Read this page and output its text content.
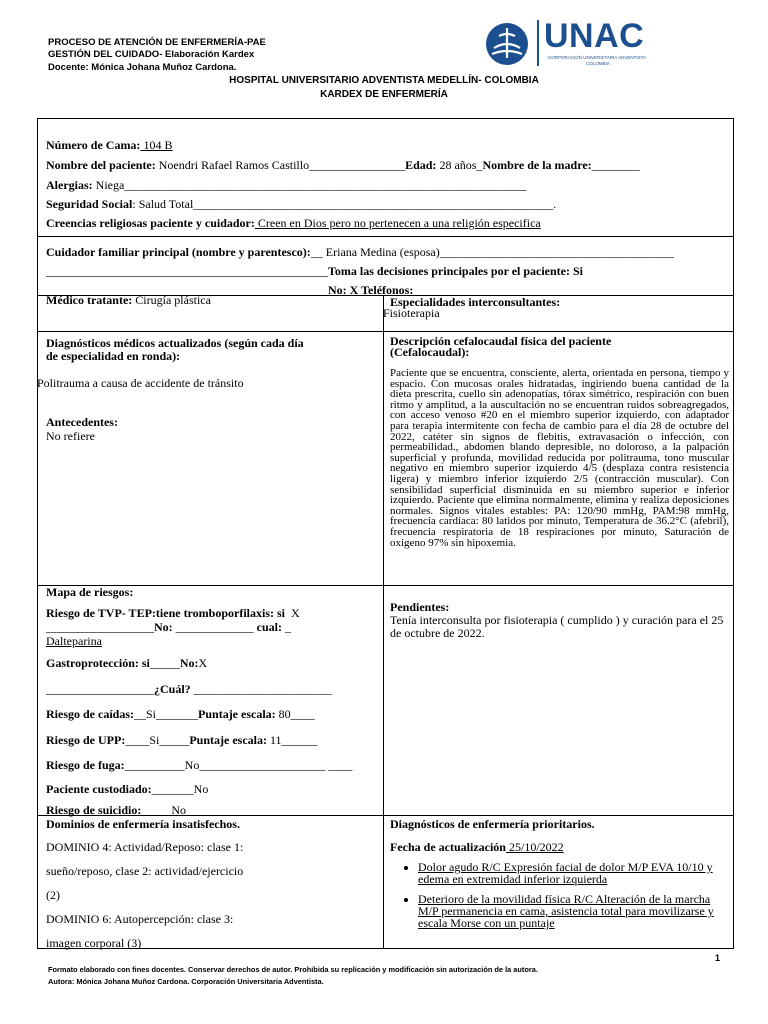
PROCESO DE ATENCIÓN DE ENFERMERÍA-PAE
GESTIÓN DEL CUIDADO- Elaboración Kardex
Docente: Mónica Johana Muñoz Cardona.
HOSPITAL UNIVERSITARIO ADVENTISTA MEDELLÍN- COLOMBIA
KARDEX DE ENFERMERÍA
UNAC
CORPORACIÓN UNIVERSITARIA ADVENTISTA
COLOMBIA
Número de Cama: 104 B
Nombre del paciente: Noendri Rafael Ramos Castillo________________Edad: 28 años_Nombre de la madre:________
Alergias: Niega___________________________________________________________________
Seguridad Social: Salud Total____________________________________________________________.
Creencias religiosas paciente y cuidador: Creen en Dios pero no pertenecen a una religión especifica
Cuidador familiar principal (nombre y parentesco):__ Eriana Medina (esposa)_______________________________________
_______________________________________________Toma las decisiones principales por el paciente: Si
_______________________________________________No: X Teléfonos:
Médico tratante: Cirugía plástica	Especialidades interconsultantes:
Fisioterapia
Diagnósticos médicos actualizados (según cada día
de especialidad en ronda):
Politrauma a causa de accidente de tránsito
Antecedentes:
No refiere
Descripción cefalocaudal física del paciente
(Cefalocaudal):
Paciente que se encuentra, consciente, alerta, orientada en persona, tiempo y espacio. Con mucosas orales hidratadas, ingiriendo buena cantidad de la dieta prescrita, cuello sin adenopatías, tórax simétrico, respiración con buen ritmo y amplitud, a la auscultación no se encuentran ruidos sobreagregados, con acceso venoso #20 en el miembro superior izquierdo, con adaptador para terapia intermitente con fecha de cambio para el día 28 de octubre del 2022, catéter sin signos de flebitis, extravasación o infección, con permeabilidad., abdomen blando depresible, no doloroso, a la palpación superficial y profunda, movilidad reducida por politrauma, tono muscular negativo en miembro superior izquierdo 4/5 (desplaza contra resistencia ligera) y miembro inferior izquierdo 2/5 (contracción muscular). Con sensibilidad superficial disminuida en su miembro superior e inferior izquierdo. Paciente que elimina normalmente, elimina y realiza deposiciones normales. Signos vitales estables: PA: 120/90 mmHg, PAM:98 mmHg, frecuencia cardiaca: 80 latidos por minuto, Temperatura de 36.2°C (afebril), frecuencia respiratoria de 18 respiraciones por minuto, Saturación de oxigeno 97% sin hipoxemia.
Mapa de riesgos:
Riesgo de TVP- TEP:tiene tromboporfilaxis: si X
__________________No: _____________ cual: _
Dalteparina
Gastroprotección: si_____No:X
__________________¿Cuál? _______________________
Riesgo de caídas:__Si_______Puntaje escala: 80____
Riesgo de UPP:____Si_____Puntaje escala: 11______
Riesgo de fuga:__________No_____________________ ____
Paciente custodiado:_______No
Riesgo de suicidio:_____No
Pendientes:
Tenía interconsulta por fisioterapia ( cumplido ) y curación para el 25 de octubre de 2022.
Dominios de enfermería insatisfechos.
DOMINIO 4: Actividad/Reposo: clase 1:
sueño/reposo, clase 2: actividad/ejercicio
(2)
DOMINIO 6: Autopercepción: clase 3:
imagen corporal (3)
Diagnósticos de enfermería prioritarios.
Fecha de actualización 25/10/2022
• Dolor agudo R/C Expresión facial de dolor M/P EVA 10/10 y edema en extremidad inferior izquierda
• Deterioro de la movilidad física R/C Alteración de la marcha M/P permanencia en cama, asistencia total para movilizarse y escala Morse con un puntaje
1
Formato elaborado con fines docentes. Conservar derechos de autor. Prohibida su replicación y modificación sin autorización de la autora.
Autora: Mónica Johana Muñoz Cardona. Corporación Universitaria Adventista.
